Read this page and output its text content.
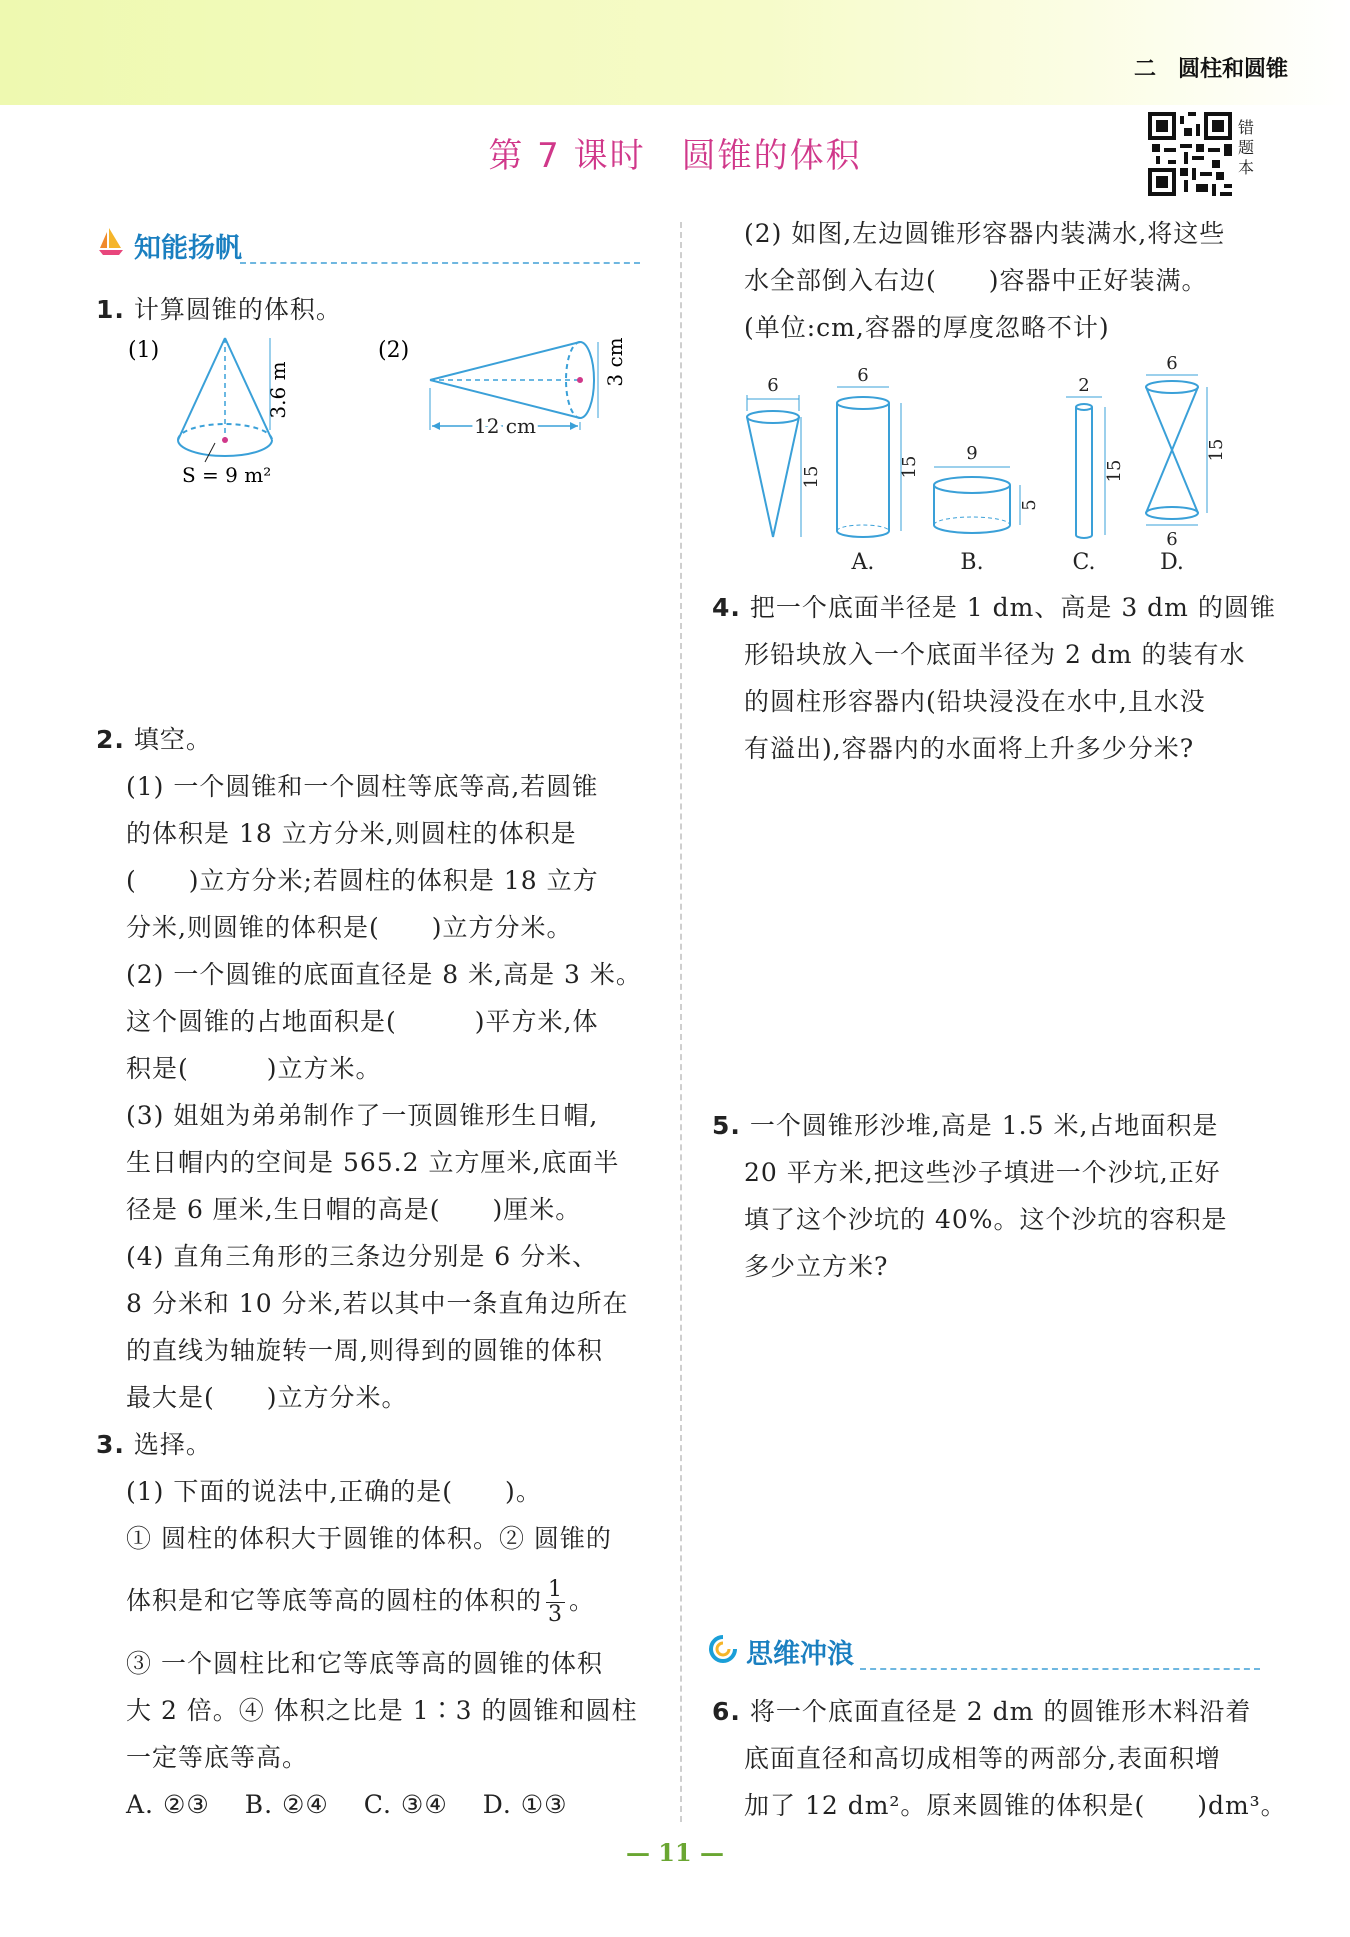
二　圆柱和圆锥
第 7 课时 圆锥的体积
错
题
本
知能扬帆
1. 计算圆锥的体积。
(1)
3.6 m
S = 9 m²
(2)
12 cm
3 cm
2. 填空。
(1) 一个圆锥和一个圆柱等底等高,若圆锥
的体积是 18 立方分米,则圆柱的体积是
(　　)立方分米;若圆柱的体积是 18 立方
分米,则圆锥的体积是(　　)立方分米。
(2) 一个圆锥的底面直径是 8 米,高是 3 米。
这个圆锥的占地面积是(　　　)平方米,体
积是(　　　)立方米。
(3) 姐姐为弟弟制作了一顶圆锥形生日帽,
生日帽内的空间是 565.2 立方厘米,底面半
径是 6 厘米,生日帽的高是(　　)厘米。
(4) 直角三角形的三条边分别是 6 分米、
8 分米和 10 分米,若以其中一条直角边所在
的直线为轴旋转一周,则得到的圆锥的体积
最大是(　　)立方分米。
3. 选择。
(1) 下面的说法中,正确的是(　　)。
① 圆柱的体积大于圆锥的体积。② 圆锥的
体积是和它等底等高的圆柱的体积的 $\frac{1}{3}$ 。
③ 一个圆柱比和它等底等高的圆锥的体积
大 2 倍。④ 体积之比是 1∶3 的圆锥和圆柱
一定等底等高。
A. ②③ B. ②④ C. ③④ D. ①③
(2) 如图,左边圆锥形容器内装满水,将这些
水全部倒入右边(　　)容器中正好装满。
(单位:cm,容器的厚度忽略不计)
6
15
6
15
9
5
2
15
6
6
15
A.	B.	C.	D.
4. 把一个底面半径是 1 dm、高是 3 dm 的圆锥
形铅块放入一个底面半径为 2 dm 的装有水
的圆柱形容器内(铅块浸没在水中,且水没
有溢出),容器内的水面将上升多少分米?
5. 一个圆锥形沙堆,高是 1.5 米,占地面积是
20 平方米,把这些沙子填进一个沙坑,正好
填了这个沙坑的 40%。这个沙坑的容积是
多少立方米?
思维冲浪
6. 将一个底面直径是 2 dm 的圆锥形木料沿着
底面直径和高切成相等的两部分,表面积增
加了 12 dm²。原来圆锥的体积是(　　)dm³。
— 11 —
